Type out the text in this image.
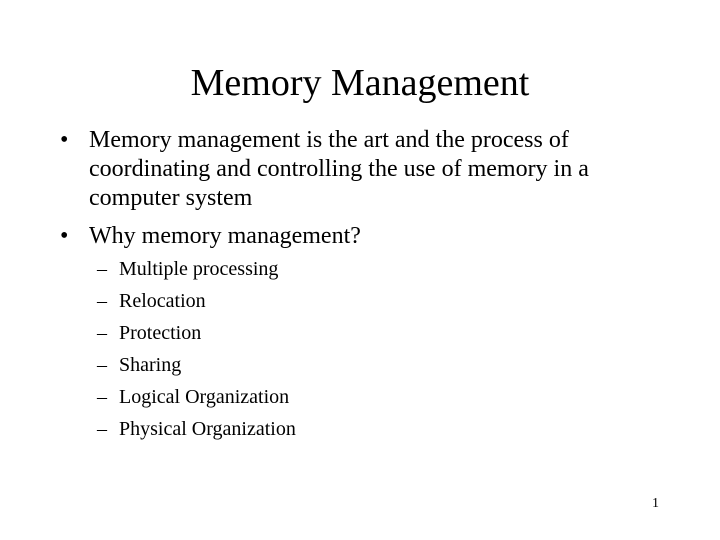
Memory Management
• Memory management is the art and the process of coordinating and controlling the use of memory in a computer system
• Why memory management?
– Multiple processing
– Relocation
– Protection
– Sharing
– Logical Organization
– Physical Organization
1
